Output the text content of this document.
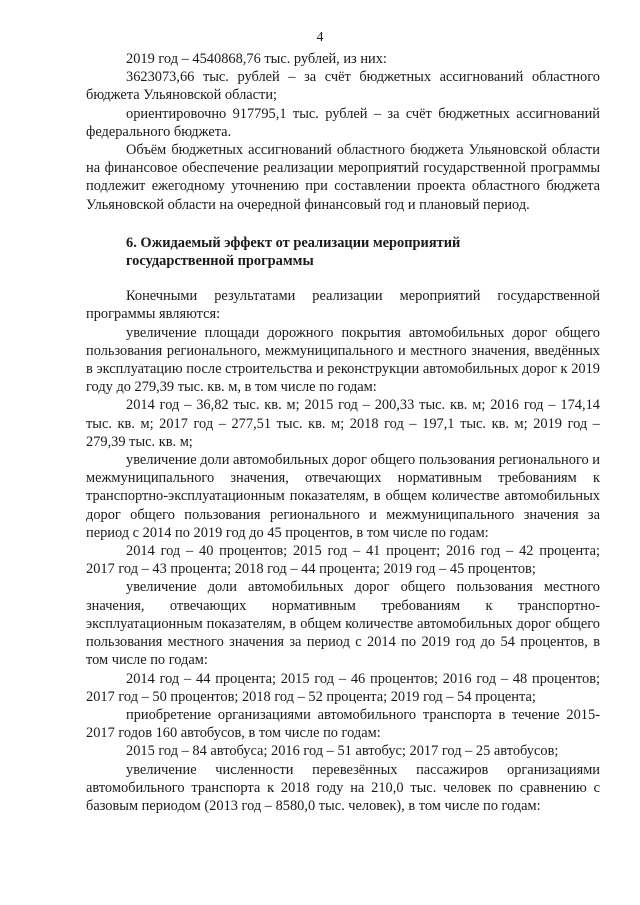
4

2019 год – 4540868,76 тыс. рублей, из них:

3623073,66 тыс. рублей – за счёт бюджетных ассигнований областного бюджета Ульяновской области;

ориентировочно 917795,1 тыс. рублей – за счёт бюджетных ассигнований федерального бюджета.

Объём бюджетных ассигнований областного бюджета Ульяновской области на финансовое обеспечение реализации мероприятий государственной программы подлежит ежегодному уточнению при составлении проекта областного бюджета Ульяновской области на очередной финансовый год и плановый период.

6. Ожидаемый эффект от реализации мероприятий

государственной программы

Конечными результатами реализации мероприятий государственной программы являются:

увеличение площади дорожного покрытия автомобильных дорог общего пользования регионального, межмуниципального и местного значения, введённых в эксплуатацию после строительства и реконструкции автомобильных дорог к 2019 году до 279,39 тыс. кв. м, в том числе по годам:

2014 год – 36,82 тыс. кв. м; 2015 год – 200,33 тыс. кв. м; 2016 год – 174,14 тыс. кв. м; 2017 год – 277,51 тыс. кв. м; 2018 год – 197,1 тыс. кв. м; 2019 год – 279,39 тыс. кв. м;

увеличение доли автомобильных дорог общего пользования регионального и межмуниципального значения, отвечающих нормативным требованиям к транспортно-эксплуатационным показателям, в общем количестве автомобильных дорог общего пользования регионального и межмуниципального значения за период с 2014 по 2019 год до 45 процентов, в том числе по годам:

2014 год – 40 процентов; 2015 год – 41 процент; 2016 год – 42 процента; 2017 год – 43 процента; 2018 год – 44 процента; 2019 год – 45 процентов;

увеличение доли автомобильных дорог общего пользования местного значения, отвечающих нормативным требованиям к транспортно-эксплуатационным показателям, в общем количестве автомобильных дорог общего пользования местного значения за период с 2014 по 2019 год до 54 процентов, в том числе по годам:

2014 год – 44 процента; 2015 год – 46 процентов; 2016 год – 48 процентов; 2017 год – 50 процентов; 2018 год – 52 процента; 2019 год – 54 процента;

приобретение организациями автомобильного транспорта в течение 2015-2017 годов 160 автобусов, в том числе по годам:

2015 год – 84 автобуса; 2016 год – 51 автобус; 2017 год – 25 автобусов;

увеличение численности перевезённых пассажиров организациями автомобильного транспорта к 2018 году на 210,0 тыс. человек по сравнению с базовым периодом (2013 год – 8580,0 тыс. человек), в том числе по годам:
